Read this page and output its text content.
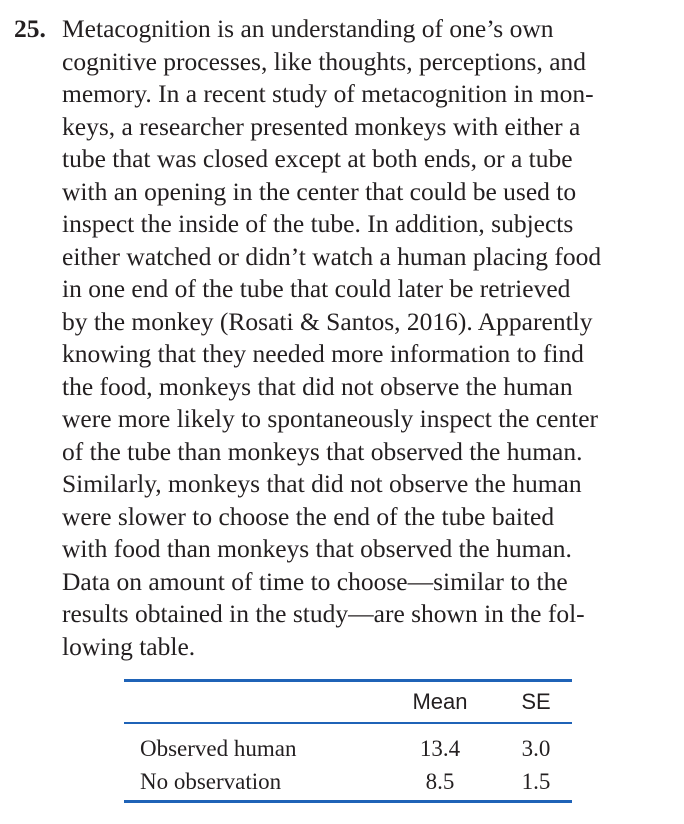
25. Metacognition is an understanding of one’s own
cognitive processes, like thoughts, perceptions, and
memory. In a recent study of metacognition in mon-
keys, a researcher presented monkeys with either a
tube that was closed except at both ends, or a tube
with an opening in the center that could be used to
inspect the inside of the tube. In addition, subjects
either watched or didn’t watch a human placing food
in one end of the tube that could later be retrieved
by the monkey (Rosati & Santos, 2016). Apparently
knowing that they needed more information to find
the food, monkeys that did not observe the human
were more likely to spontaneously inspect the center
of the tube than monkeys that observed the human.
Similarly, monkeys that did not observe the human
were slower to choose the end of the tube baited
with food than monkeys that observed the human.
Data on amount of time to choose—similar to the
results obtained in the study—are shown in the fol-
lowing table.
	Mean	SE
Observed human	13.4	3.0
No observation	8.5	1.5
